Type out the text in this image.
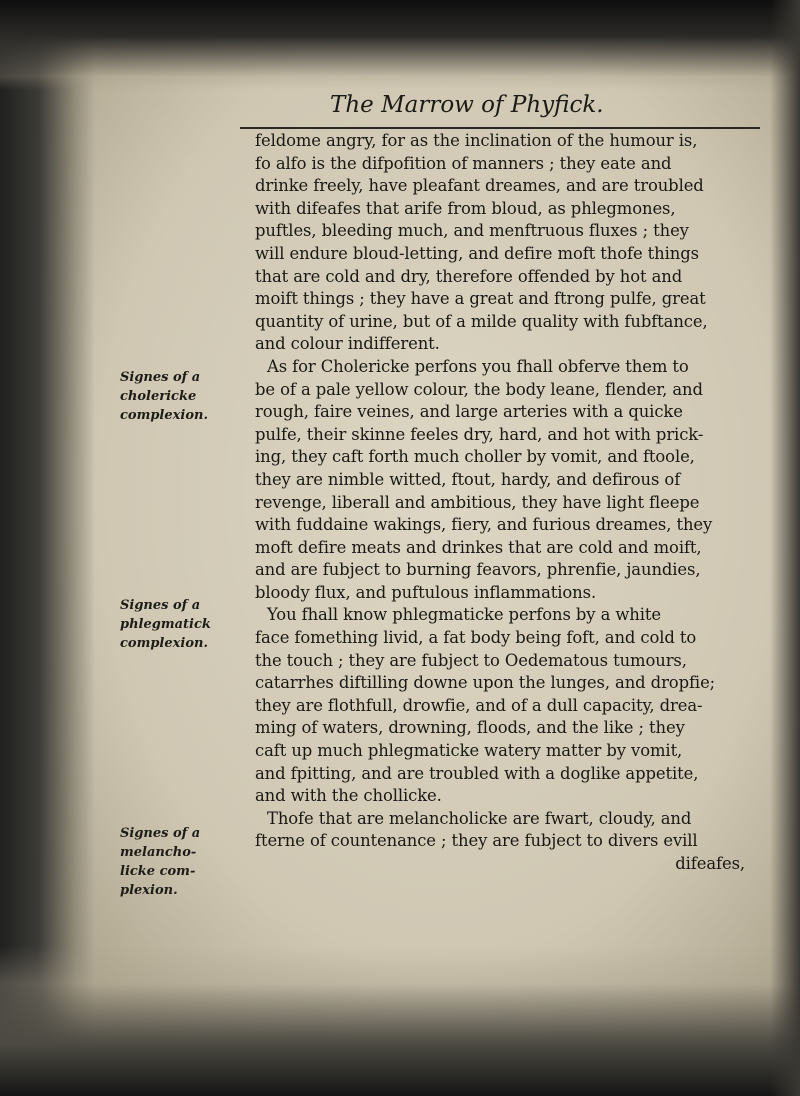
The Marrow of Phyfick.
Signes of a
cholericke
complexion.
Signes of a
phlegmatick
complexion.
Signes of a
melancho-
licke com-
plexion.
feldome angry, for as the inclination of the humour is,
fo alfo is the difpofition of manners ; they eate and
drinke freely, have pleafant dreames, and are troubled
with difeafes that arife from bloud, as phlegmones,
puftles, bleeding much, and menftruous fluxes ; they
will endure bloud-letting, and defire moft thofe things
that are cold and dry, therefore offended by hot and
moift things ; they have a great and ftrong pulfe, great
quantity of urine, but of a milde quality with fubftance,
and colour indifferent.
As for Cholericke perfons you fhall obferve them to
be of a pale yellow colour, the body leane, flender, and
rough, faire veines, and large arteries with a quicke
pulfe, their skinne feeles dry, hard, and hot with prick-
ing, they caft forth much choller by vomit, and ftoole,
they are nimble witted, ftout, hardy, and defirous of
revenge, liberall and ambitious, they have light fleepe
with fuddaine wakings, fiery, and furious dreames, they
moft defire meats and drinkes that are cold and moift,
and are fubject to burning feavors, phrenfie, jaundies,
bloody flux, and puftulous inflammations.
You fhall know phlegmaticke perfons by a white
face fomething livid, a fat body being foft, and cold to
the touch ; they are fubject to Oedematous tumours,
catarrhes diftilling downe upon the lunges, and dropfie;
they are flothfull, drowfie, and of a dull capacity, drea-
ming of waters, drowning, floods, and the like ; they
caft up much phlegmaticke watery matter by vomit,
and fpitting, and are troubled with a doglike appetite,
and with the chollicke.
Thofe that are melancholicke are fwart, cloudy, and
fterne of countenance ; they are fubject to divers evill
difeafes,
